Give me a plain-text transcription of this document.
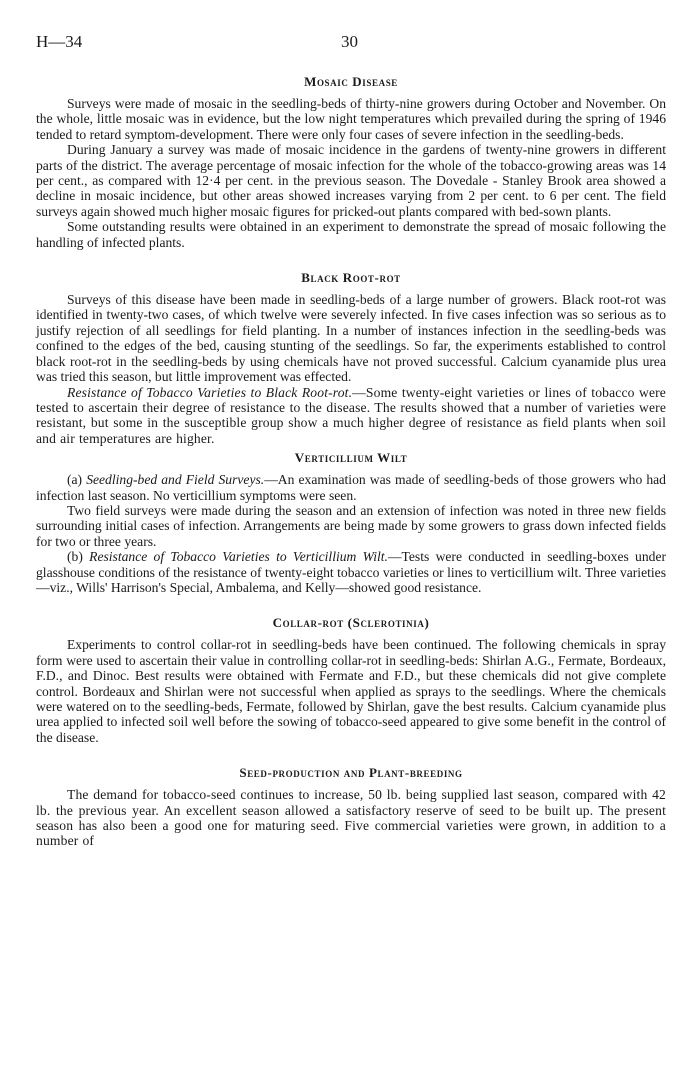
H—34	30
Mosaic Disease

Surveys were made of mosaic in the seedling-beds of thirty-nine growers during October and November. On the whole, little mosaic was in evidence, but the low night temperatures which prevailed during the spring of 1946 tended to retard symptom-development. There were only four cases of severe infection in the seedling-beds.

During January a survey was made of mosaic incidence in the gardens of twenty-nine growers in different parts of the district. The average percentage of mosaic infection for the whole of the tobacco-growing areas was 14 per cent., as compared with 12·4 per cent. in the previous season. The Dovedale - Stanley Brook area showed a decline in mosaic incidence, but other areas showed increases varying from 2 per cent. to 6 per cent. The field surveys again showed much higher mosaic figures for pricked-out plants compared with bed-sown plants.

Some outstanding results were obtained in an experiment to demonstrate the spread of mosaic following the handling of infected plants.

Black Root-rot

Surveys of this disease have been made in seedling-beds of a large number of growers. Black root-rot was identified in twenty-two cases, of which twelve were severely infected. In five cases infection was so serious as to justify rejection of all seedlings for field planting. In a number of instances infection in the seedling-beds was confined to the edges of the bed, causing stunting of the seedlings. So far, the experiments established to control black root-rot in the seedling-beds by using chemicals have not proved successful. Calcium cyanamide plus urea was tried this season, but little improvement was effected.

Resistance of Tobacco Varieties to Black Root-rot.—Some twenty-eight varieties or lines of tobacco were tested to ascertain their degree of resistance to the disease. The results showed that a number of varieties were resistant, but some in the susceptible group show a much higher degree of resistance as field plants when soil and air temperatures are higher.

Verticillium Wilt

(a) Seedling-bed and Field Surveys.—An examination was made of seedling-beds of those growers who had infection last season. No verticillium symptoms were seen.

Two field surveys were made during the season and an extension of infection was noted in three new fields surrounding initial cases of infection. Arrangements are being made by some growers to grass down infected fields for two or three years.

(b) Resistance of Tobacco Varieties to Verticillium Wilt.—Tests were conducted in seedling-boxes under glasshouse conditions of the resistance of twenty-eight tobacco varieties or lines to verticillium wilt. Three varieties—viz., Wills' Harrison's Special, Ambalema, and Kelly—showed good resistance.

Collar-rot (Sclerotinia)

Experiments to control collar-rot in seedling-beds have been continued. The following chemicals in spray form were used to ascertain their value in controlling collar-rot in seedling-beds: Shirlan A.G., Fermate, Bordeaux, F.D., and Dinoc. Best results were obtained with Fermate and F.D., but these chemicals did not give complete control. Bordeaux and Shirlan were not successful when applied as sprays to the seedlings. Where the chemicals were watered on to the seedling-beds, Fermate, followed by Shirlan, gave the best results. Calcium cyanamide plus urea applied to infected soil well before the sowing of tobacco-seed appeared to give some benefit in the control of the disease.

Seed-production and Plant-breeding

The demand for tobacco-seed continues to increase, 50 lb. being supplied last season, compared with 42 lb. the previous year. An excellent season allowed a satisfactory reserve of seed to be built up. The present season has also been a good one for maturing seed. Five commercial varieties were grown, in addition to a number of
